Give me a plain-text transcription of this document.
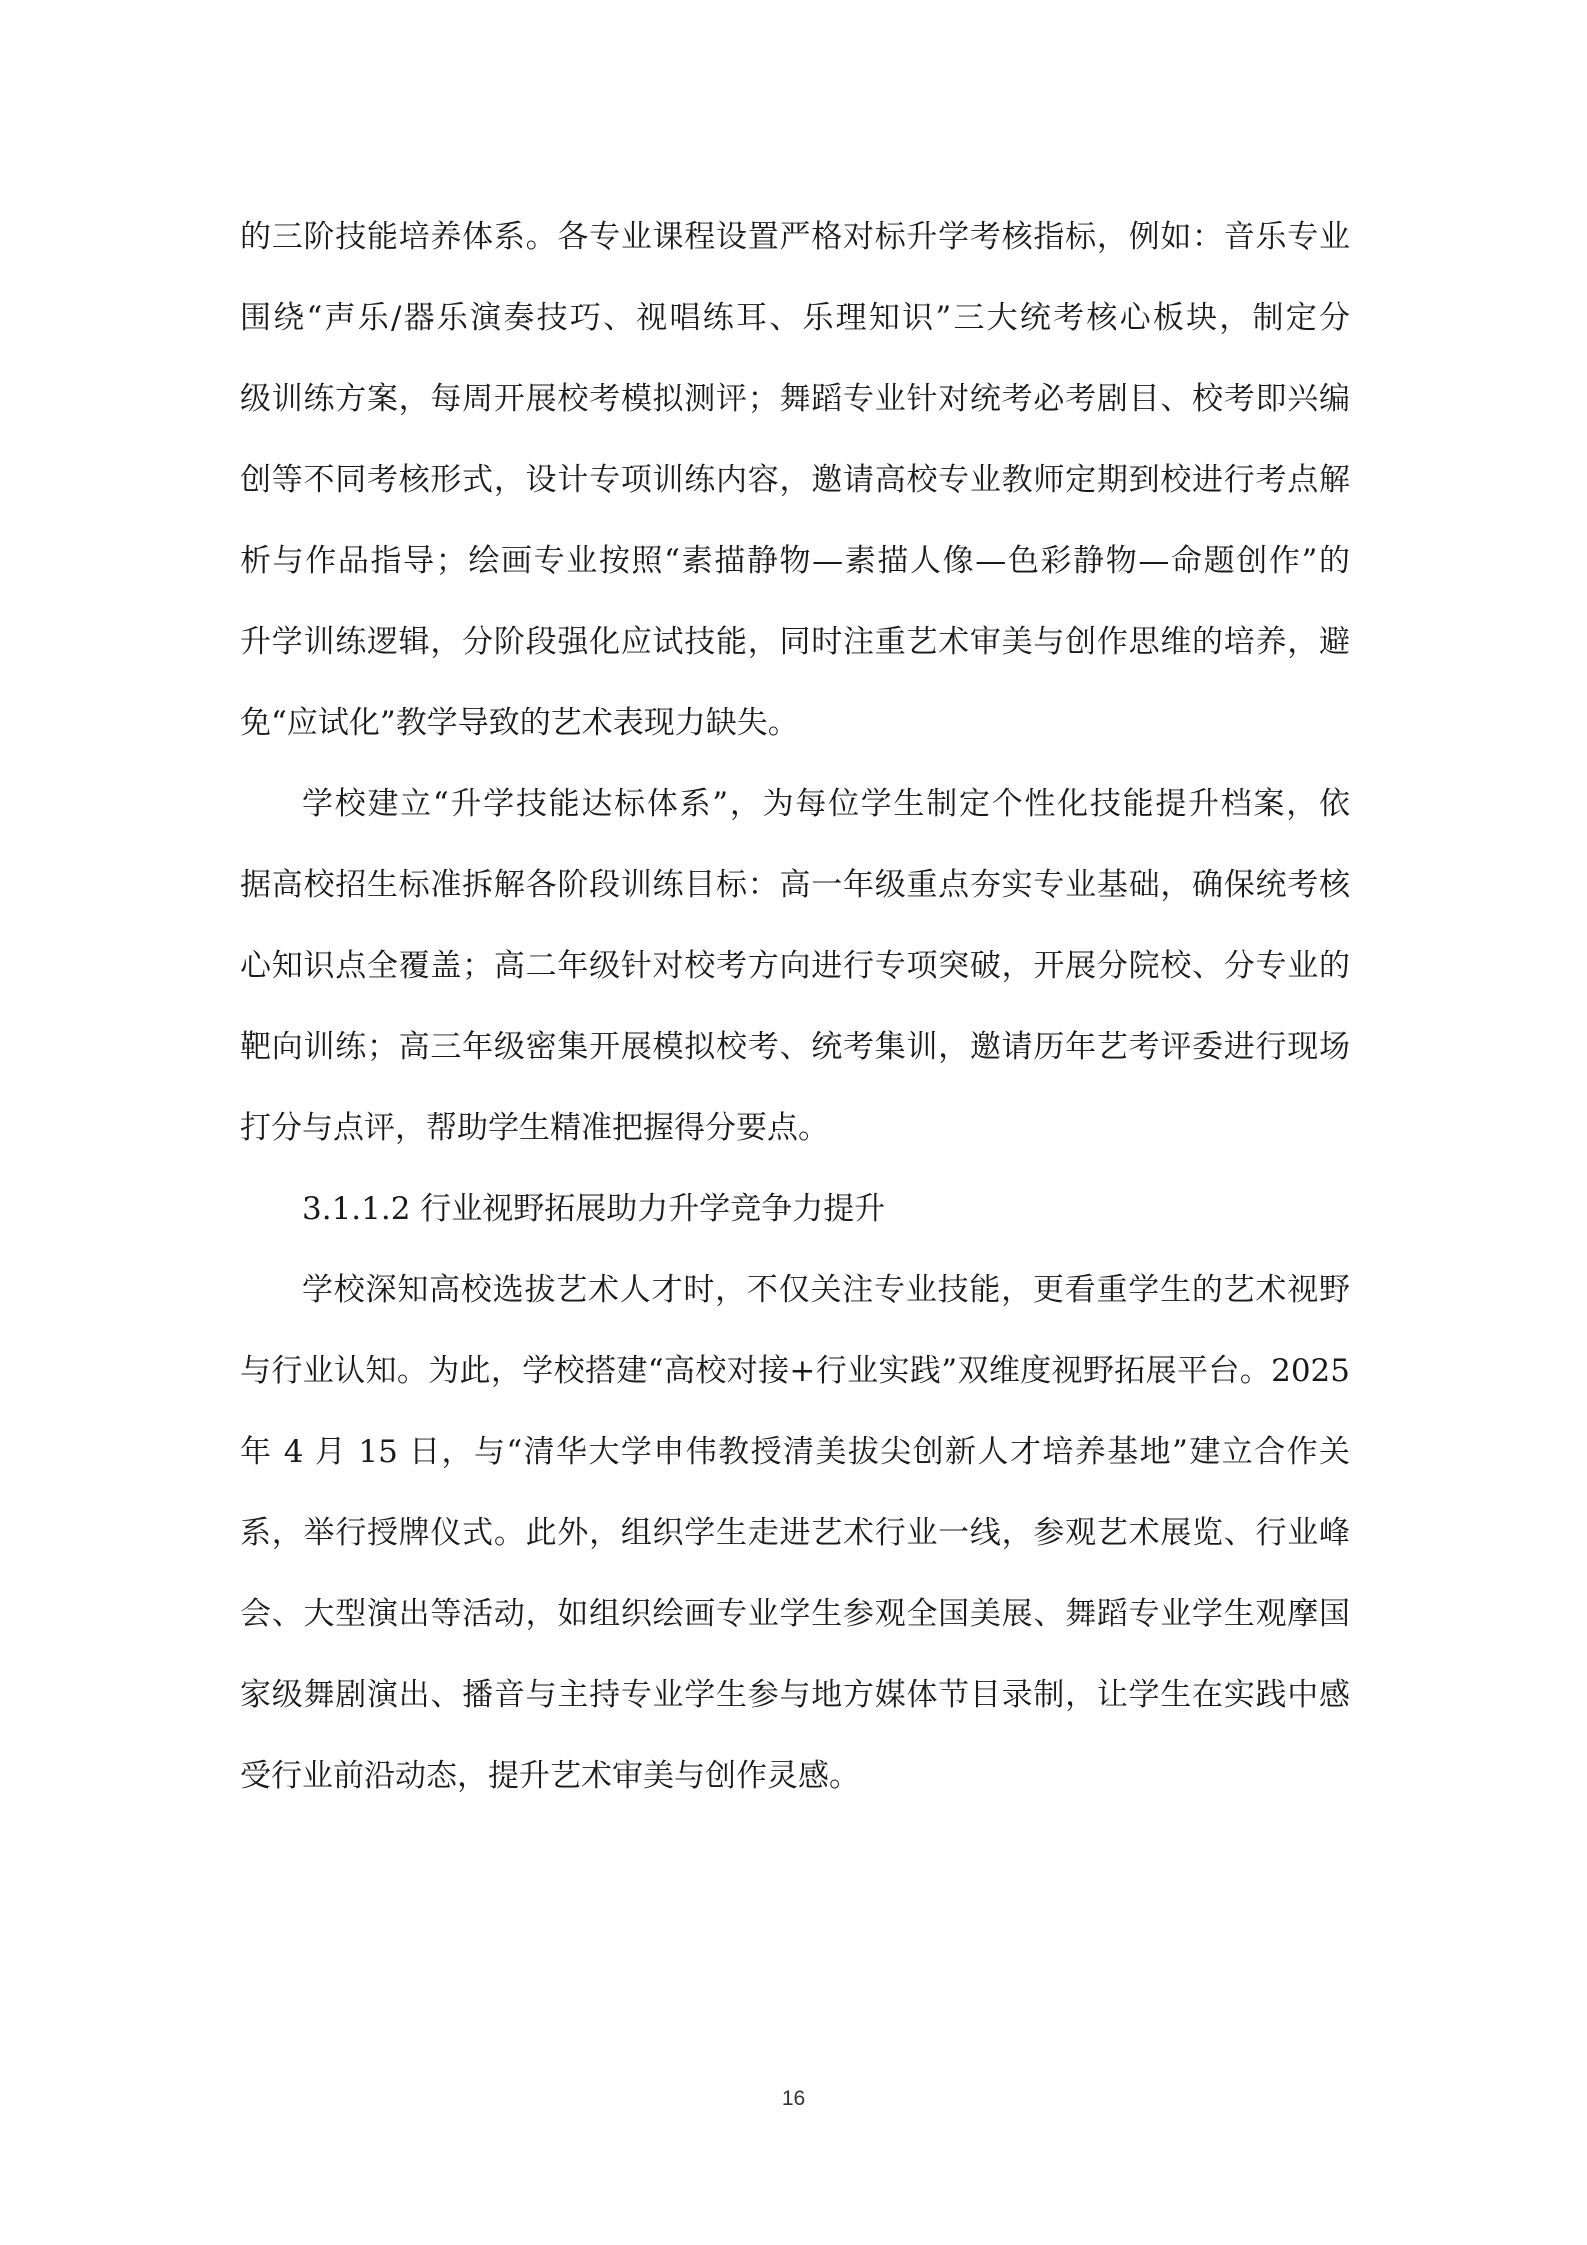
的三阶技能培养体系。各专业课程设置严格对标升学考核指标，例如：音乐专业
围绕“声乐/器乐演奏技巧、视唱练耳、乐理知识”三大统考核心板块，制定分
级训练方案，每周开展校考模拟测评；舞蹈专业针对统考必考剧目、校考即兴编
创等不同考核形式，设计专项训练内容，邀请高校专业教师定期到校进行考点解
析与作品指导；绘画专业按照“素描静物—素描人像—色彩静物—命题创作”的
升学训练逻辑，分阶段强化应试技能，同时注重艺术审美与创作思维的培养，避
免“应试化”教学导致的艺术表现力缺失。
学校建立“升学技能达标体系”，为每位学生制定个性化技能提升档案，依
据高校招生标准拆解各阶段训练目标：高一年级重点夯实专业基础，确保统考核
心知识点全覆盖；高二年级针对校考方向进行专项突破，开展分院校、分专业的
靶向训练；高三年级密集开展模拟校考、统考集训，邀请历年艺考评委进行现场
打分与点评，帮助学生精准把握得分要点。
3.1.1.2 行业视野拓展助力升学竞争力提升
学校深知高校选拔艺术人才时，不仅关注专业技能，更看重学生的艺术视野
与行业认知。为此，学校搭建“高校对接+行业实践”双维度视野拓展平台。2025
年 4 月 15 日，与“清华大学申伟教授清美拔尖创新人才培养基地”建立合作关
系，举行授牌仪式。此外，组织学生走进艺术行业一线，参观艺术展览、行业峰
会、大型演出等活动，如组织绘画专业学生参观全国美展、舞蹈专业学生观摩国
家级舞剧演出、播音与主持专业学生参与地方媒体节目录制，让学生在实践中感
受行业前沿动态，提升艺术审美与创作灵感。
16
